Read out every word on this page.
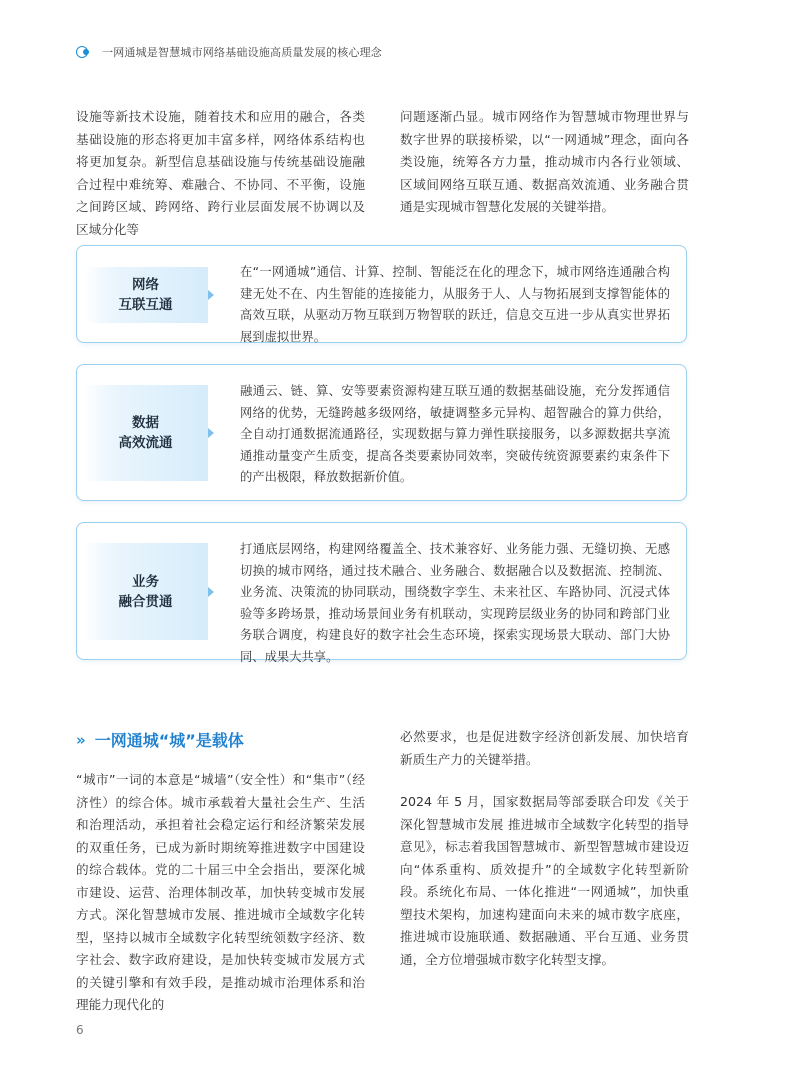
一网通城是智慧城市网络基础设施高质量发展的核心理念

设施等新技术设施，随着技术和应用的融合，各类基础设施的形态将更加丰富多样，网络体系结构也将更加复杂。新型信息基础设施与传统基础设施融合过程中难统筹、难融合、不协同、不平衡，设施之间跨区域、跨网络、跨行业层面发展不协调以及区域分化等

问题逐渐凸显。城市网络作为智慧城市物理世界与数字世界的联接桥梁，以“一网通城”理念，面向各类设施，统筹各方力量，推动城市内各行业领域、区域间网络互联互通、数据高效流通、业务融合贯通是实现城市智慧化发展的关键举措。

网络
互联互通
在“一网通城”通信、计算、控制、智能泛在化的理念下，城市网络连通融合构建无处不在、内生智能的连接能力，从服务于人、人与物拓展到支撑智能体的高效互联，从驱动万物互联到万物智联的跃迁，信息交互进一步从真实世界拓展到虚拟世界。
数据
高效流通
融通云、链、算、安等要素资源构建互联互通的数据基础设施，充分发挥通信网络的优势，无缝跨越多级网络，敏捷调整多元异构、超智融合的算力供给，全自动打通数据流通路径，实现数据与算力弹性联接服务，以多源数据共享流通推动量变产生质变，提高各类要素协同效率，突破传统资源要素约束条件下的产出极限，释放数据新价值。
业务
融合贯通
打通底层网络，构建网络覆盖全、技术兼容好、业务能力强、无缝切换、无感切换的城市网络，通过技术融合、业务融合、数据融合以及数据流、控制流、业务流、决策流的协同联动，围绕数字孪生、未来社区、车路协同、沉浸式体验等多跨场景，推动场景间业务有机联动，实现跨层级业务的协同和跨部门业务联合调度，构建良好的数字社会生态环境，探索实现场景大联动、部门大协同、成果大共享。
» 一网通城“城”是载体

“城市”一词的本意是“城墙”（安全性）和“集市”（经济性）的综合体。城市承载着大量社会生产、生活和治理活动，承担着社会稳定运行和经济繁荣发展的双重任务，已成为新时期统筹推进数字中国建设的综合载体。党的二十届三中全会指出，要深化城市建设、运营、治理体制改革，加快转变城市发展方式。深化智慧城市发展、推进城市全域数字化转型，坚持以城市全域数字化转型统领数字经济、数字社会、数字政府建设，是加快转变城市发展方式的关键引擎和有效手段，是推动城市治理体系和治理能力现代化的

必然要求，也是促进数字经济创新发展、加快培育新质生产力的关键举措。

2024 年 5 月，国家数据局等部委联合印发《关于深化智慧城市发展 推进城市全域数字化转型的指导意见》，标志着我国智慧城市、新型智慧城市建设迈向“体系重构、质效提升”的全域数字化转型新阶段。系统化布局、一体化推进“一网通城”，加快重塑技术架构，加速构建面向未来的城市数字底座，推进城市设施联通、数据融通、平台互通、业务贯通，全方位增强城市数字化转型支撑。

6
